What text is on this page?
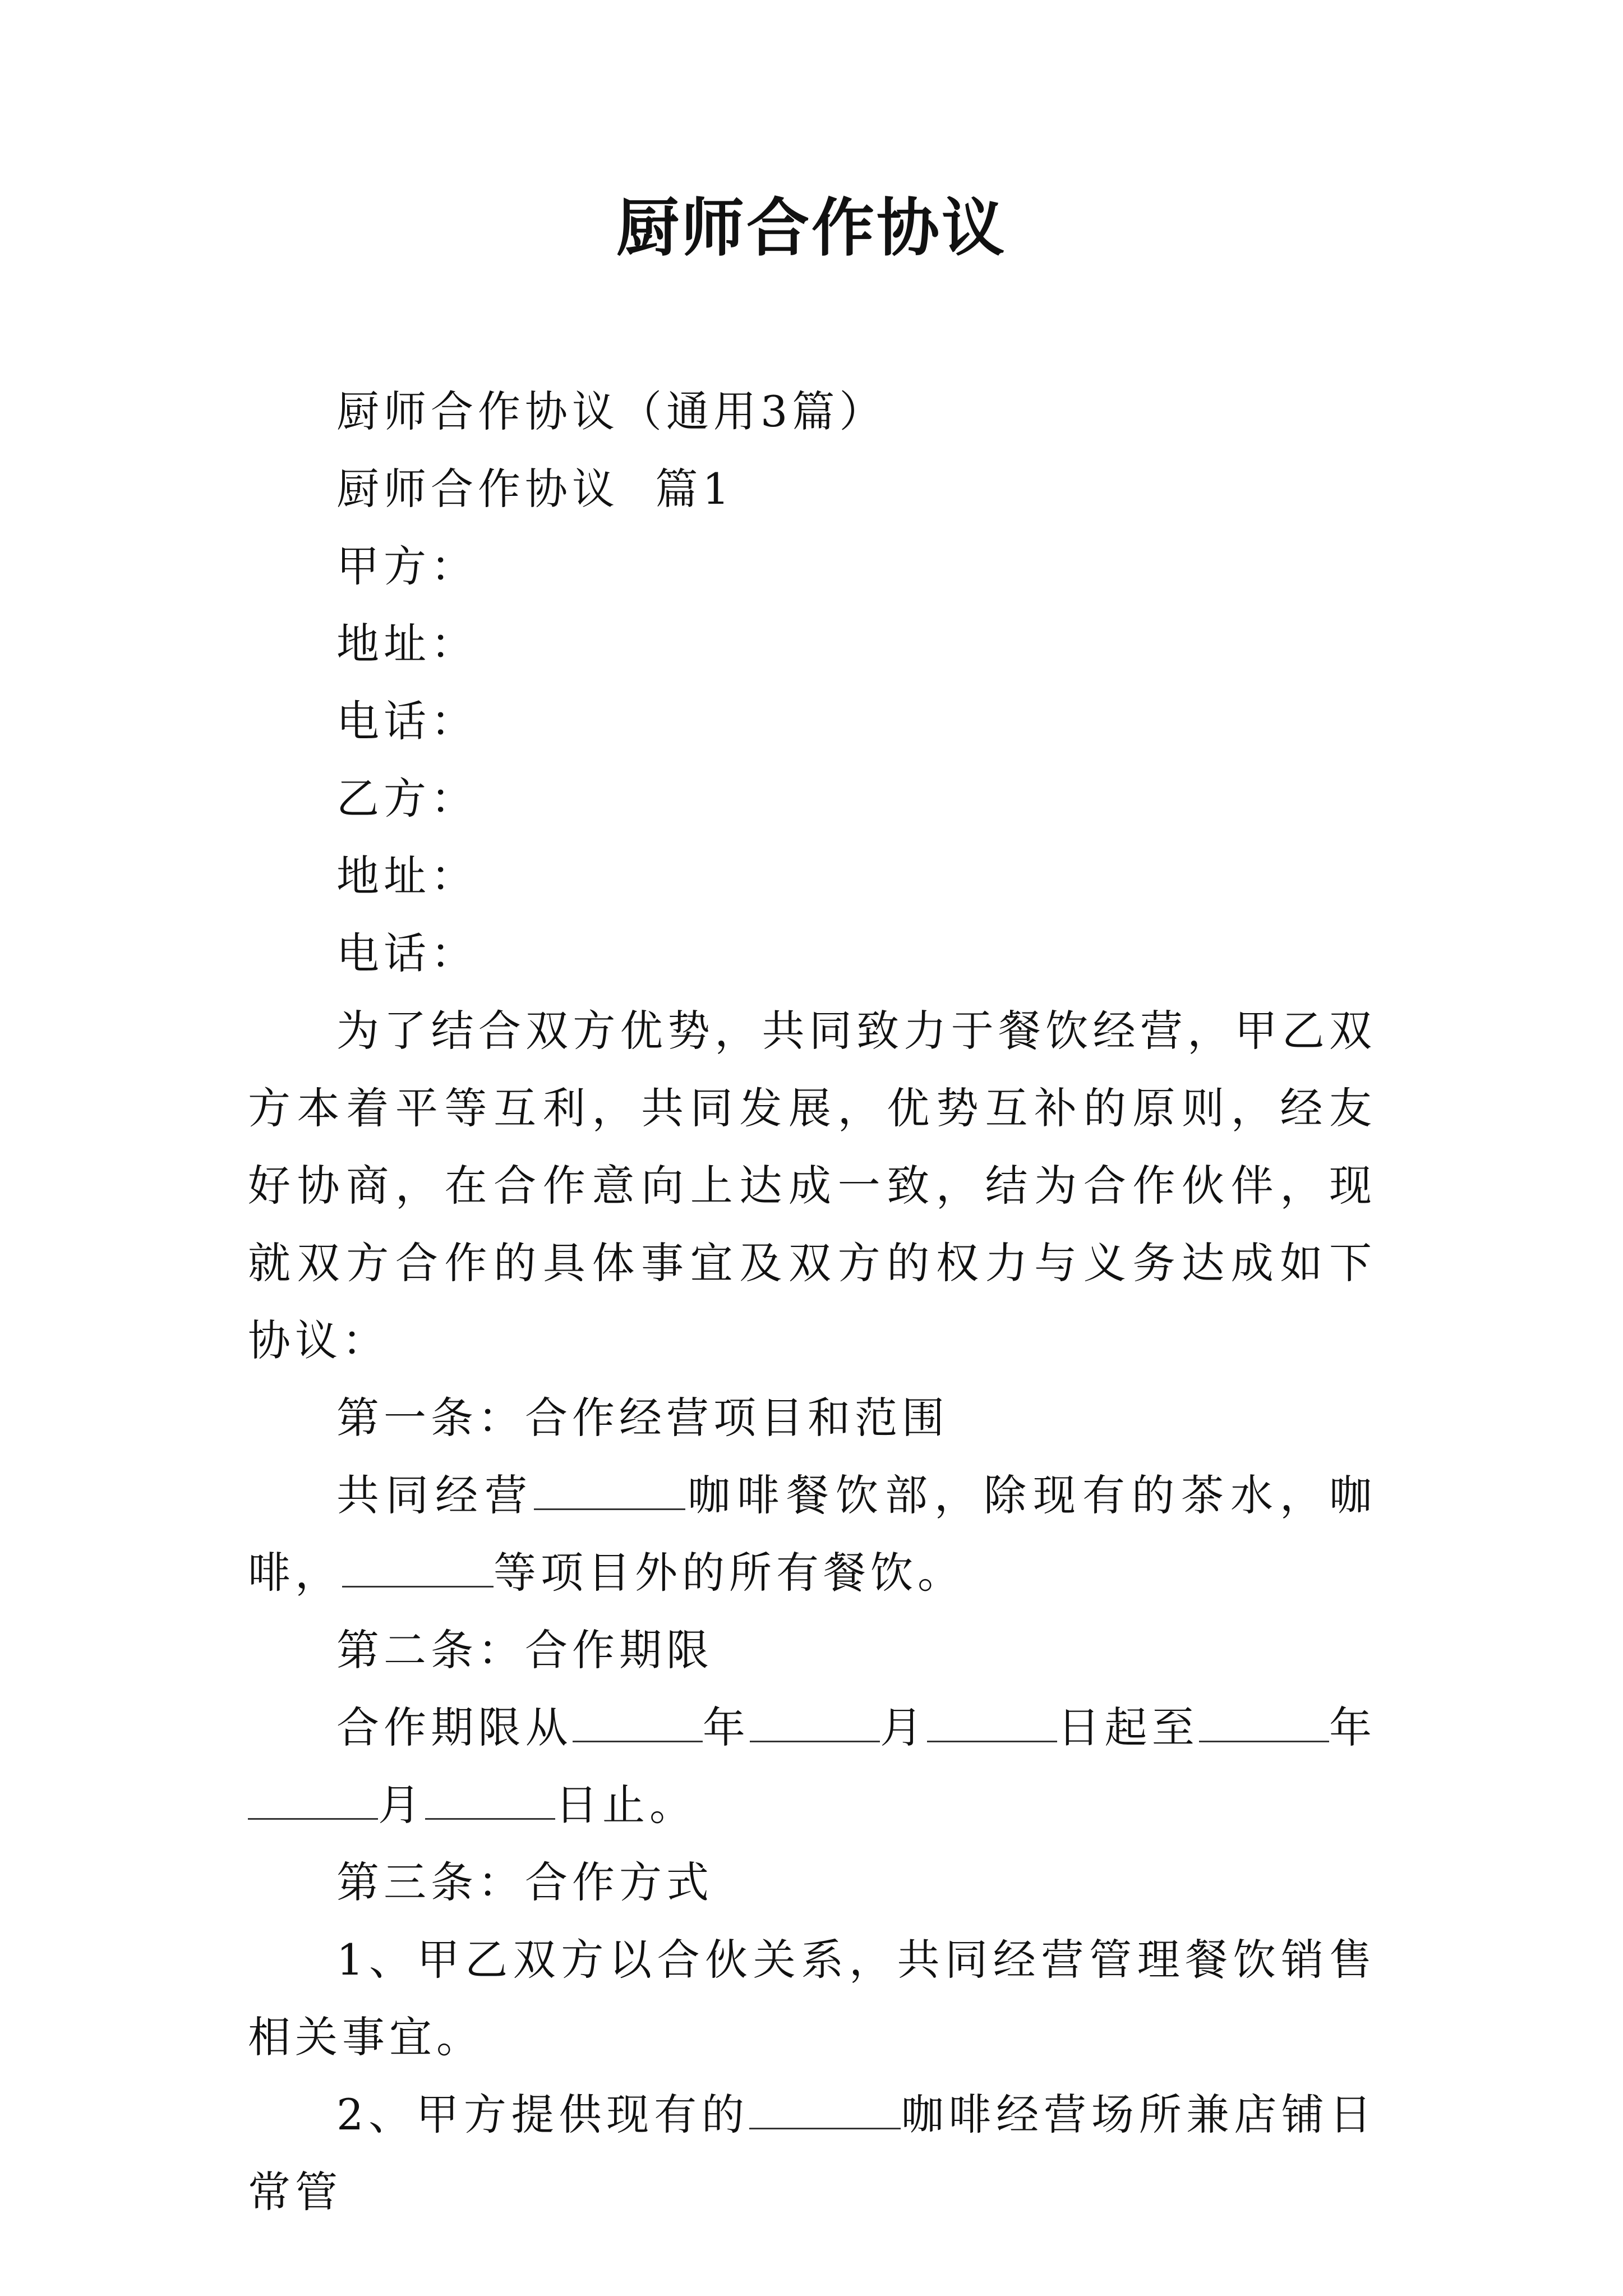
厨师合作协议

厨师合作协议（通用3篇）

厨师合作协议  篇1

甲方：

地址：

电话：

乙方：

地址：

电话：

为了结合双方优势，共同致力于餐饮经营，甲乙双方本着平等互利，共同发展，优势互补的原则，经友好协商，在合作意向上达成一致，结为合作伙伴，现就双方合作的具体事宜及双方的权力与义务达成如下协议：

第一条：合作经营项目和范围

共同经营	咖啡餐饮部，除现有的茶水，咖啡，	等项目外的所有餐饮。

第二条：合作期限

合作期限从	年	月	日起至	年月	日止。

第三条：合作方式

1、甲乙双方以合伙关系，共同经营管理餐饮销售相关事宜。

2、甲方提供现有的	咖啡经营场所兼店铺日常管
